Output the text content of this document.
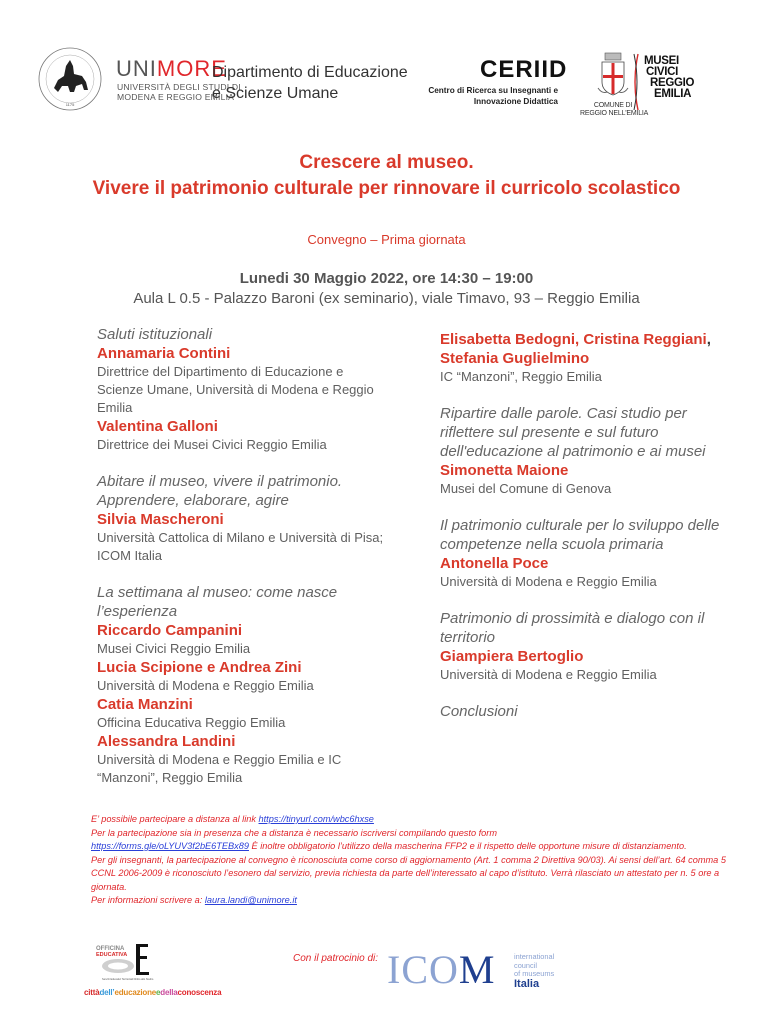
1175
UNIMORE
UNIVERSITÀ DEGLI STUDI DI
MODENA E REGGIO EMILIA
Dipartimento di Educazione
e Scienze Umane
CERIID
Centro di Ricerca su Insegnanti e
Innovazione Didattica	COMUNE DI
REGGIO NELL'EMILIA
MUSEI
CIVICI
REGGIO
EMILIA
Crescere al museo.
Vivere il patrimonio culturale per rinnovare il curricolo scolastico
Convegno – Prima giornata
Lunedi 30 Maggio 2022, ore 14:30 – 19:00
Aula L 0.5 - Palazzo Baroni (ex seminario), viale Timavo, 93 – Reggio Emilia
Saluti istituzionali
Annamaria Contini
Direttrice del Dipartimento di Educazione e Scienze Umane, Università di Modena e Reggio Emilia
Valentina Galloni
Direttrice dei Musei Civici Reggio Emilia
Abitare il museo, vivere il patrimonio. Apprendere, elaborare, agire
Silvia Mascheroni
Università Cattolica di Milano e Università di Pisa; ICOM Italia
La settimana al museo: come nasce l’esperienza
Riccardo Campanini
Musei Civici Reggio Emilia
Lucia Scipione e Andrea Zini
Università di Modena e Reggio Emilia
Catia Manzini
Officina Educativa Reggio Emilia
Alessandra Landini
Università di Modena e Reggio Emilia e IC “Manzoni”, Reggio Emilia
Elisabetta Bedogni, Cristina Reggiani, Stefania Guglielmino
IC “Manzoni”, Reggio Emilia
Ripartire dalle parole. Casi studio per riflettere sul presente e sul futuro dell'educazione al patrimonio e ai musei
Simonetta Maione
Musei del Comune di Genova
Il patrimonio culturale per lo sviluppo delle competenze nella scuola primaria
Antonella Poce
Università di Modena e Reggio Emilia
Patrimonio di prossimità e dialogo con il territorio
Giampiera Bertoglio
Università di Modena e Reggio Emilia
Conclusioni
E’ possibile partecipare a distanza al link https://tinyurl.com/wbc6hxse
Per la partecipazione sia in presenza che a distanza è necessario iscriversi compilando questo form
https://forms.gle/oLYUV3f2bE6TEBx89 È inoltre obbligatorio l’utilizzo della mascherina FFP2 e il rispetto delle opportune misure di distanziamento.
Per gli insegnanti, la partecipazione al convegno è riconosciuta come corso di aggiornamento (Art. 1 comma 2 Direttiva 90/03). Ai sensi dell’art. 64 comma 5 CCNL 2006-2009 è riconosciuto l’esonero dal servizio, previa richiesta da parte dell’interessato al capo d’istituto. Verrà rilasciato un attestato per n. 5 ore a giornata.
Per informazioni scrivere a: laura.landi@unimore.it
OFFICINA
EDUCATIVA
Servizi Educativi Territoriali Diritto allo Studio
cittàdell’educazioneedellaconoscenza
Con il patrocinio di: ICOM	international
council
of museums
Italia
